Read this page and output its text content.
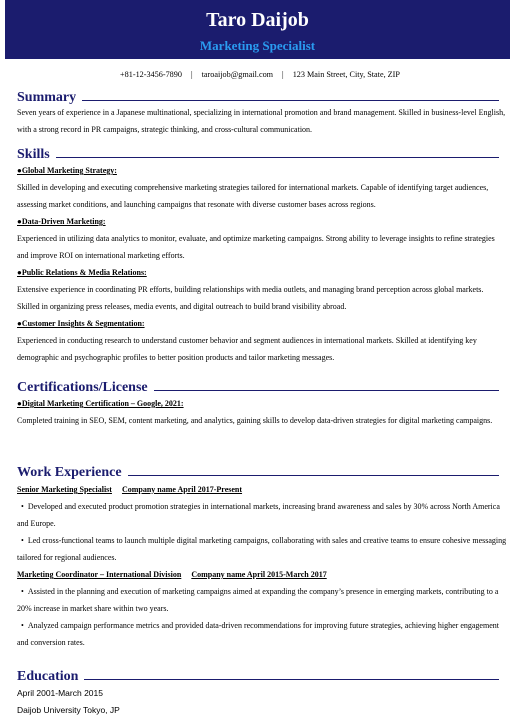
Taro Daijob
Marketing Specialist
+81-12-3456-7890 | taroaijob@gmail.com | 123 Main Street, City, State, ZIP
Summary

Seven years of experience in a Japanese multinational, specializing in international promotion and brand management. Skilled in business-level English, with a strong record in PR campaigns, strategic thinking, and cross-cultural communication.

Skills

●Global Marketing Strategy:

Skilled in developing and executing comprehensive marketing strategies tailored for international markets. Capable of identifying target audiences, assessing market conditions, and launching campaigns that resonate with diverse customer bases across regions.

●Data-Driven Marketing:

Experienced in utilizing data analytics to monitor, evaluate, and optimize marketing campaigns. Strong ability to leverage insights to refine strategies and improve ROI on international marketing efforts.

●Public Relations & Media Relations:

Extensive experience in coordinating PR efforts, building relationships with media outlets, and managing brand perception across global markets. Skilled in organizing press releases, media events, and digital outreach to build brand visibility abroad.

●Customer Insights & Segmentation:

Experienced in conducting research to understand customer behavior and segment audiences in international markets. Skilled at identifying key demographic and psychographic profiles to better position products and tailor marketing messages.

Certifications/License

●Digital Marketing Certification – Google, 2021:

Completed training in SEO, SEM, content marketing, and analytics, gaining skills to develop data-driven strategies for digital marketing campaigns.

Work Experience

Senior Marketing Specialist Company name April 2017-Present

• Developed and executed product promotion strategies in international markets, increasing brand awareness and sales by 30% across North America and Europe.

• Led cross-functional teams to launch multiple digital marketing campaigns, collaborating with sales and creative teams to ensure cohesive messaging tailored for regional audiences.

Marketing Coordinator – International Division Company name April 2015-March 2017

• Assisted in the planning and execution of marketing campaigns aimed at expanding the company’s presence in emerging markets, contributing to a 20% increase in market share within two years.

• Analyzed campaign performance metrics and provided data-driven recommendations for improving future strategies, achieving higher engagement and conversion rates.

Education

April 2001-March 2015

Daijob University Tokyo, JP
